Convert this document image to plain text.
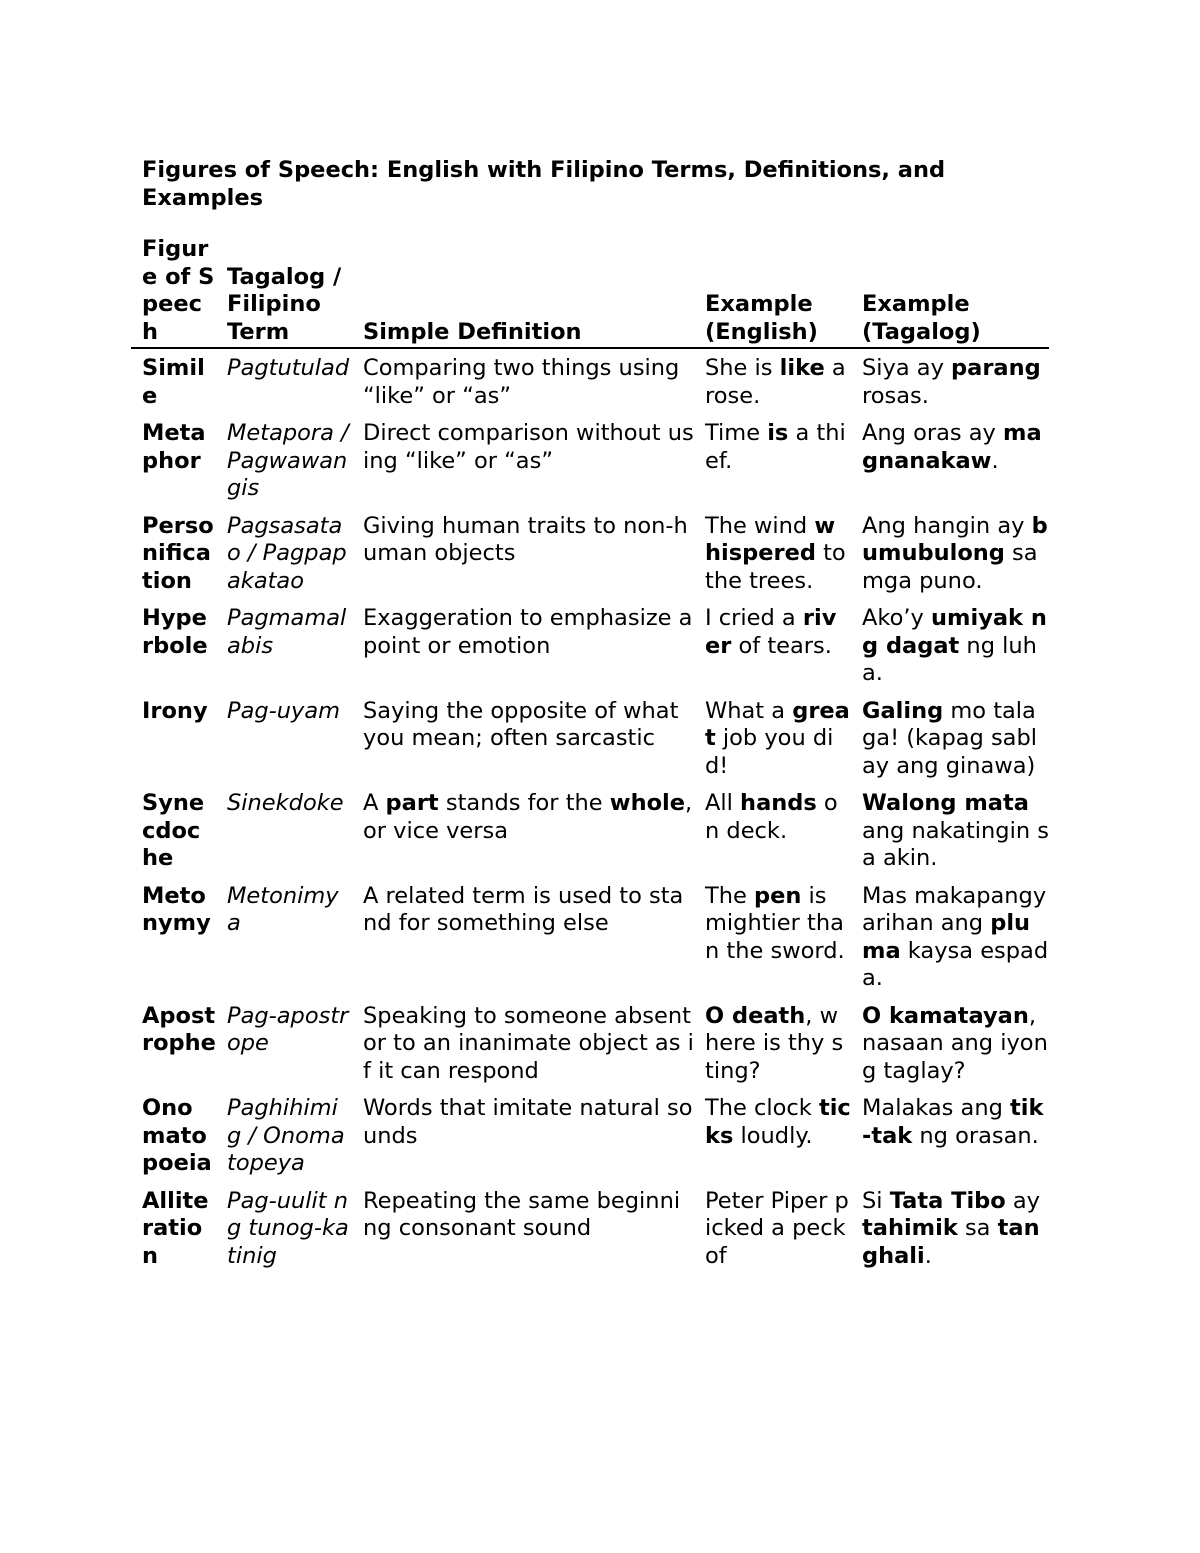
Figures of Speech: English with Filipino Terms, Definitions, and Examples
Figure of Speech	Tagalog / Filipino Term	Simple Definition	Example (English)	Example (Tagalog)
Simile	Pagtutulad	Comparing two things using “like” or “as”	She is like a rose.	Siya ay parang rosas.
Metaphor	Metapora / Pagwawangis	Direct comparison without using “like” or “as”	Time is a thief.	Ang oras ay magnanakaw.
Personification	Pagsasatao / Pagpapakatao	Giving human traits to non-human objects	The wind whispered to the trees.	Ang hangin ay bumubulong sa mga puno.
Hyperbole	Pagmamalabis	Exaggeration to emphasize a point or emotion	I cried a river of tears.	Ako’y umiyak ng dagat ng luha.
Irony	Pag-uyam	Saying the opposite of what you mean; often sarcastic	What a great job you did!	Galing mo talaga! (kapag sablay ang ginawa)
Synecdoche	Sinekdoke	A part stands for the whole, or vice versa	All hands on deck.	Walong mata ang nakatingin sa akin.
Metonymy	Metonimya	A related term is used to stand for something else	The pen is mightier than the sword.	Mas makapangyarihan ang pluma kaysa espada.
Apostrophe	Pag-apostrope	Speaking to someone absent or to an inanimate object as if it can respond	O death, where is thy sting?	O kamatayan, nasaan ang iyong taglay?
Onomatopoeia	Paghihimig / Onomatopeya	Words that imitate natural sounds	The clock ticks loudly.	Malakas ang tik-tak ng orasan.
Alliteration	Pag-uulit ng tunog-katinig	Repeating the same beginning consonant sound	Peter Piper picked a peck of	Si Tata Tibo ay tahimik sa tanghali.
